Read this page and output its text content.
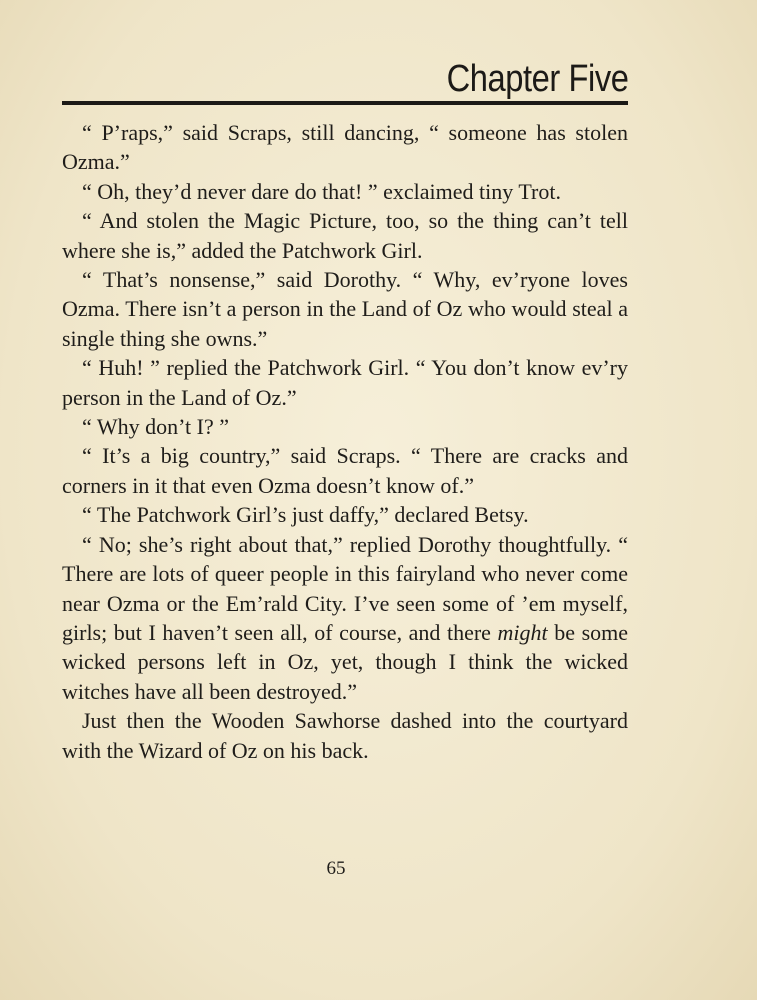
Chapter Five

“ P’raps,” said Scraps, still dancing, “ someone has stolen Ozma.”

“ Oh, they’d never dare do that! ” exclaimed tiny Trot.

“ And stolen the Magic Picture, too, so the thing can’t tell where she is,” added the Patchwork Girl.

“ That’s nonsense,” said Dorothy. “ Why, ev’ryone loves Ozma. There isn’t a person in the Land of Oz who would steal a single thing she owns.”

“ Huh! ” replied the Patchwork Girl. “ You don’t know ev’ry person in the Land of Oz.”

“ Why don’t I? ”

“ It’s a big country,” said Scraps. “ There are cracks and corners in it that even Ozma doesn’t know of.”

“ The Patchwork Girl’s just daffy,” declared Betsy.

“ No; she’s right about that,” replied Dorothy thoughtfully. “ There are lots of queer people in this fairyland who never come near Ozma or the Em’rald City. I’ve seen some of ’em myself, girls; but I haven’t seen all, of course, and there might be some wicked persons left in Oz, yet, though I think the wicked witches have all been destroyed.”

Just then the Wooden Sawhorse dashed into the courtyard with the Wizard of Oz on his back.

65
